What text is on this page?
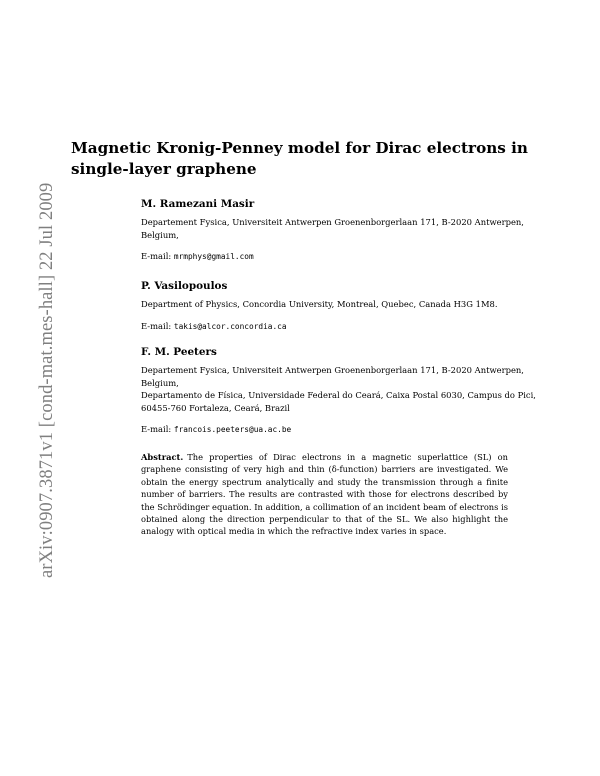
arXiv:0907.3871v1 [cond-mat.mes-hall] 22 Jul 2009
Magnetic Kronig-Penney model for Dirac electrons in single-layer graphene

M. Ramezani Masir

Departement Fysica, Universiteit Antwerpen Groenenborgerlaan 171, B-2020 Antwerpen, Belgium,

E-mail: mrmphys@gmail.com

P. Vasilopoulos

Department of Physics, Concordia University, Montreal, Quebec, Canada H3G 1M8.

E-mail: takis@alcor.concordia.ca

F. M. Peeters

Departement Fysica, Universiteit Antwerpen Groenenborgerlaan 171, B-2020 Antwerpen, Belgium,

Departamento de Física, Universidade Federal do Ceará, Caixa Postal 6030, Campus do Pici, 60455-760 Fortaleza, Ceará, Brazil

E-mail: francois.peeters@ua.ac.be

Abstract. The properties of Dirac electrons in a magnetic superlattice (SL) on graphene consisting of very high and thin (δ-function) barriers are investigated. We obtain the energy spectrum analytically and study the transmission through a finite number of barriers. The results are contrasted with those for electrons described by the Schrödinger equation. In addition, a collimation of an incident beam of electrons is obtained along the direction perpendicular to that of the SL. We also highlight the analogy with optical media in which the refractive index varies in space.
